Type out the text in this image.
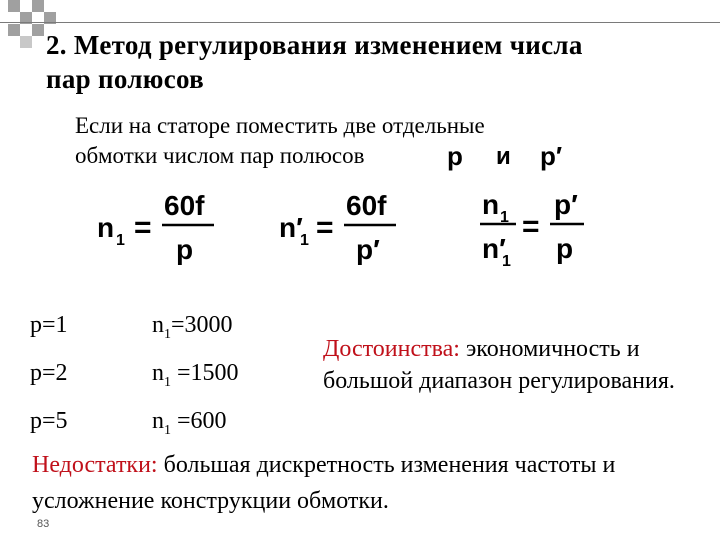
2. Метод регулирования изменением числа
пар полюсов
Если на статоре поместить две отдельные
обмотки числом пар полюсов	p и p′
n 1 =
60f
p
n′
1 =
60f
p′
n 1
n′
1
=
p′
p
p=1	$n_1=3000$
p=2	$n_1 =1500$
p=5	$n_1 =600$
Достоинства: экономичность и большой диапазон регулирования.
Недостатки: большая дискретность изменения частоты и усложнение конструкции обмотки.
83
